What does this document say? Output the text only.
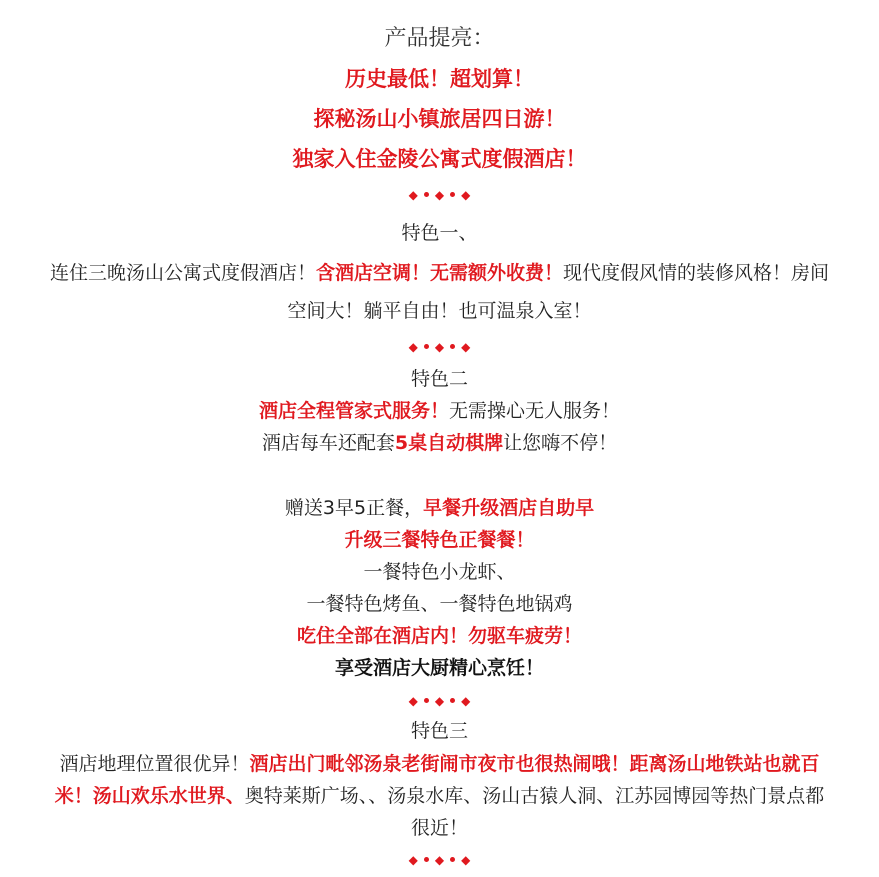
产品提亮：
历史最低！超划算！
探秘汤山小镇旅居四日游！
独家入住金陵公寓式度假酒店！
◆ ◆ ◆
特色一、
连住三晚汤山公寓式度假酒店！含酒店空调！无需额外收费！现代度假风情的装修风格！房间
空间大！躺平自由！也可温泉入室！
◆ ◆ ◆
特色二
酒店全程管家式服务！无需操心无人服务！
酒店每车还配套5桌自动棋牌让您嗨不停！
赠送3早5正餐，早餐升级酒店自助早
升级三餐特色正餐餐！
一餐特色小龙虾、
一餐特色烤鱼、一餐特色地锅鸡
吃住全部在酒店内！勿驱车疲劳！
享受酒店大厨精心烹饪！
◆ ◆ ◆
特色三
酒店地理位置很优异！酒店出门毗邻汤泉老街闹市夜市也很热闹哦！距离汤山地铁站也就百
米！汤山欢乐水世界、奥特莱斯广场、、汤泉水库、汤山古猿人洞、江苏园博园等热门景点都
很近！
◆ ◆ ◆
